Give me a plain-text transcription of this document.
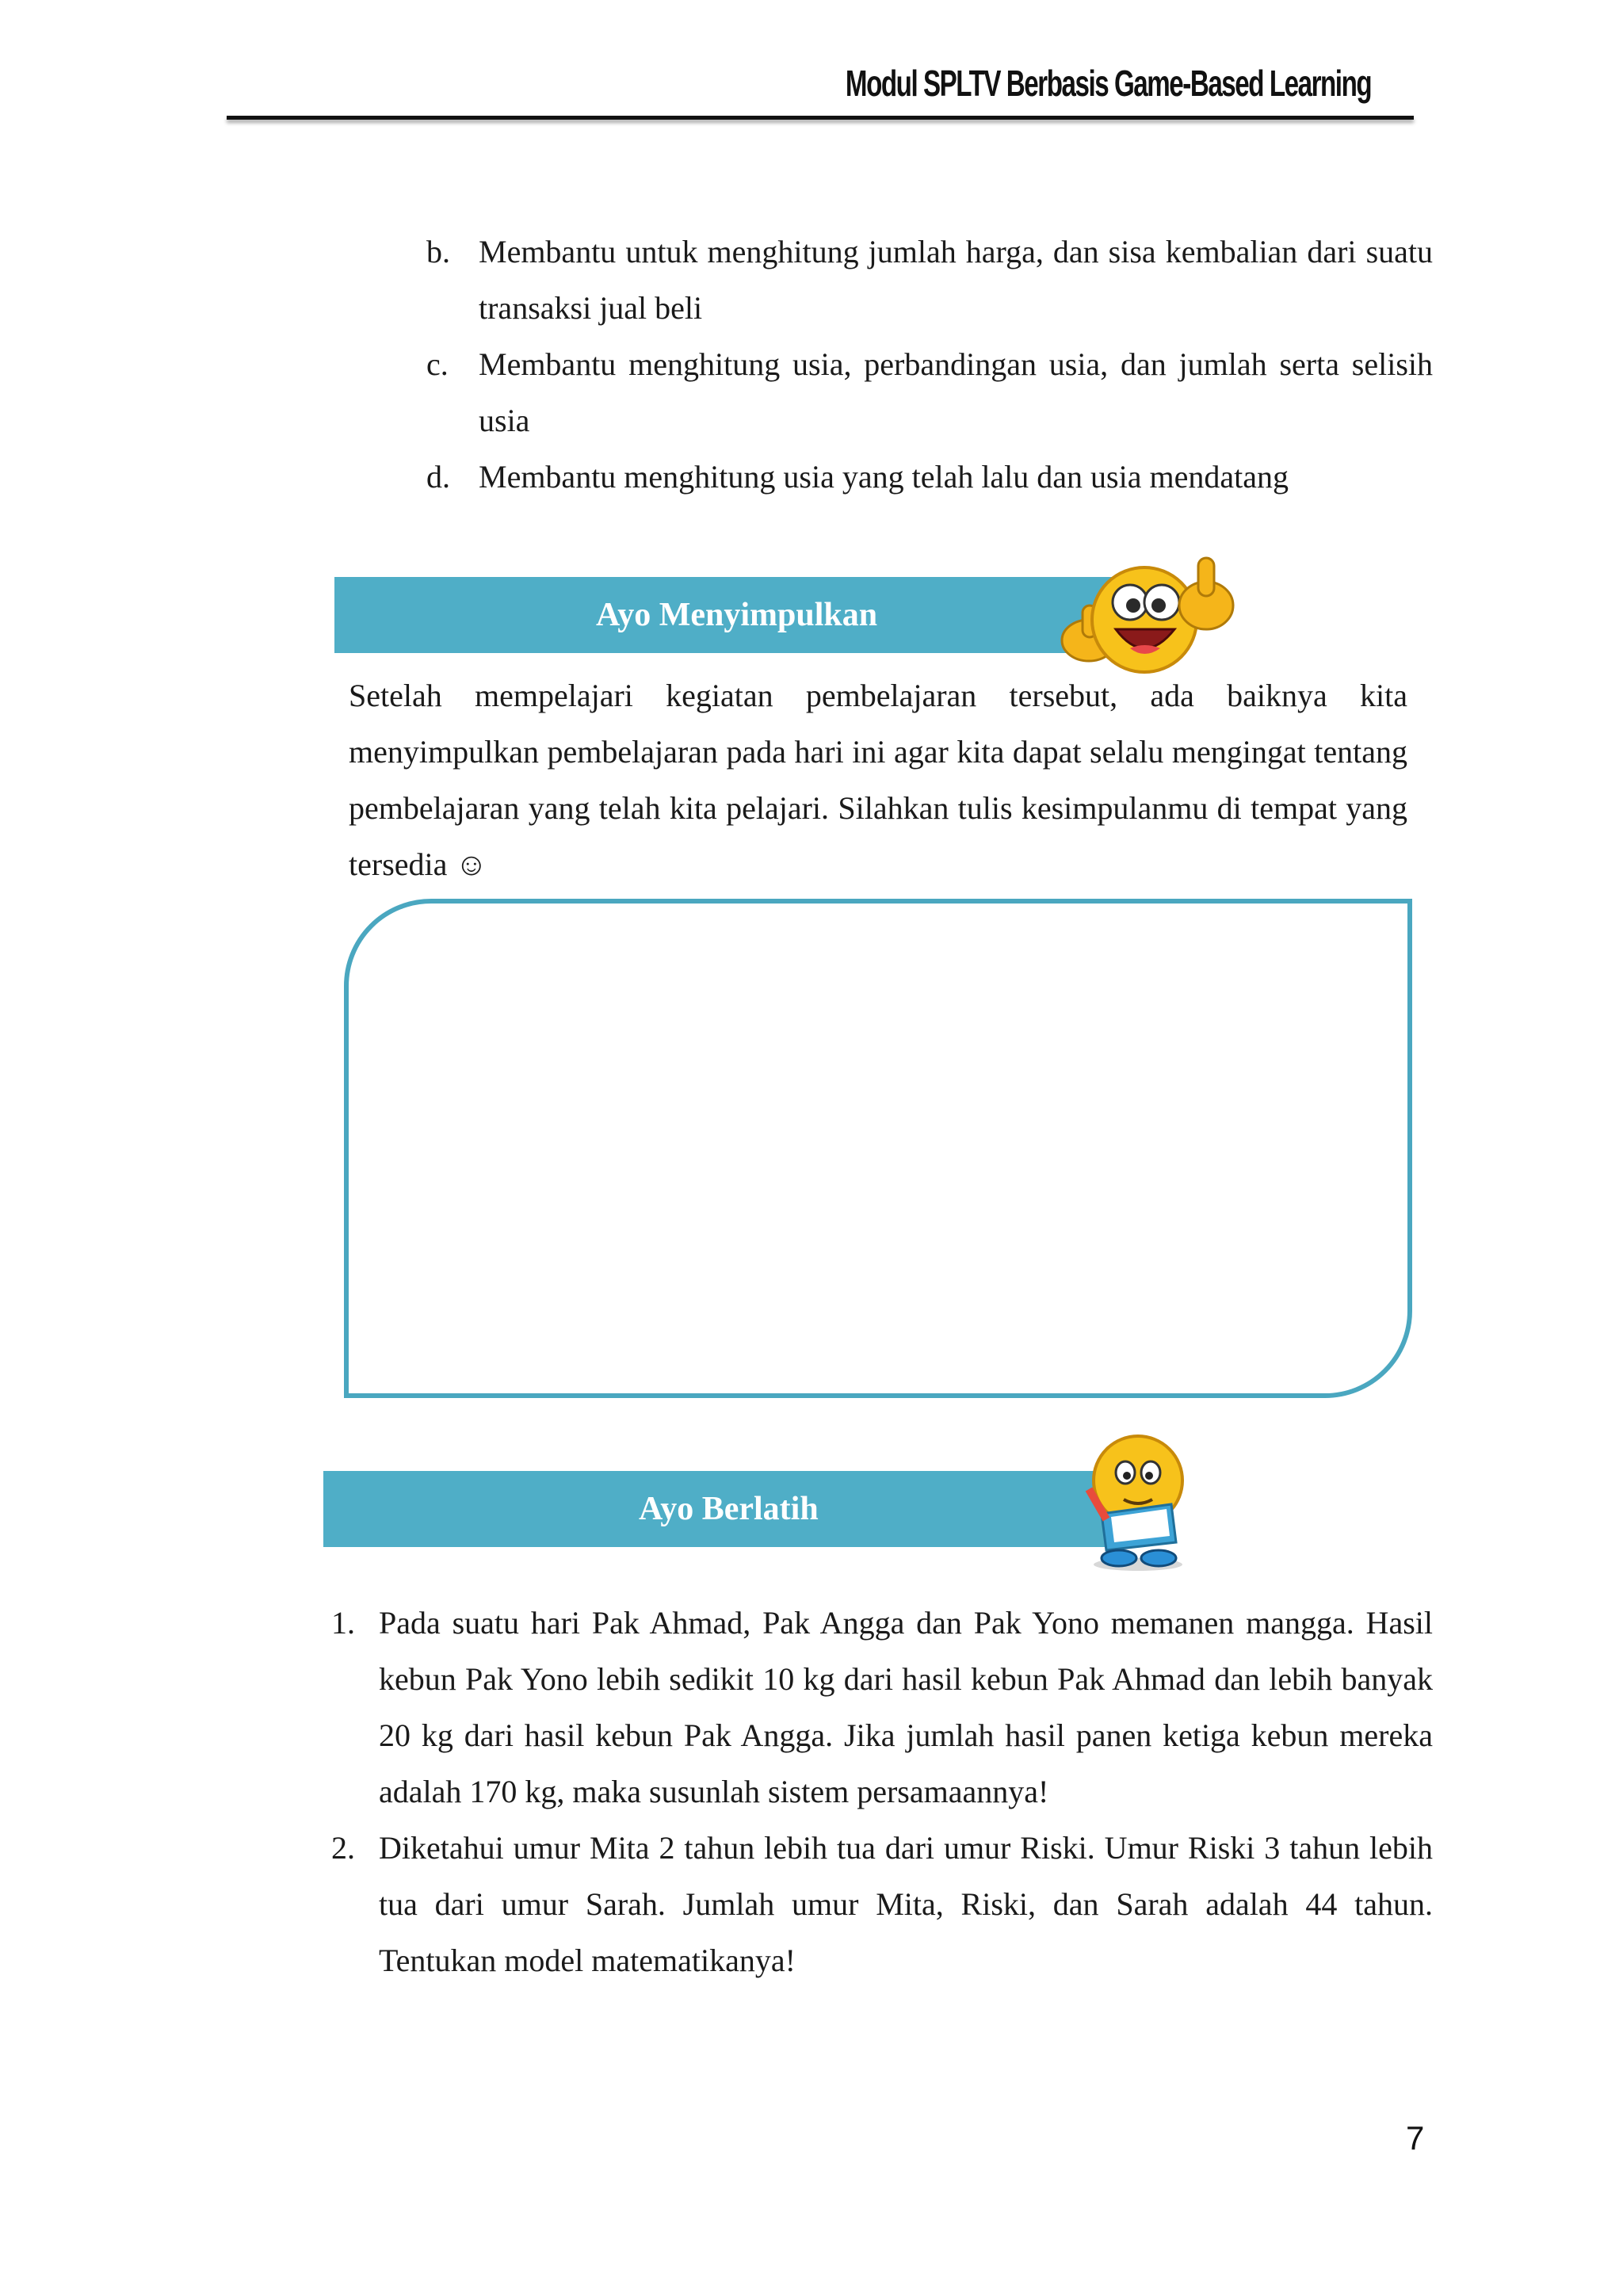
Modul SPLTV Berbasis Game-Based Learning
b. Membantu untuk menghitung jumlah harga, dan sisa kembalian dari suatu transaksi jual beli
c. Membantu menghitung usia, perbandingan usia, dan jumlah serta selisih usia
d. Membantu menghitung usia yang telah lalu dan usia mendatang
Ayo Menyimpulkan

Setelah mempelajari kegiatan pembelajaran tersebut, ada baiknya kita menyimpulkan pembelajaran pada hari ini agar kita dapat selalu mengingat tentang pembelajaran yang telah kita pelajari. Silahkan tulis kesimpulanmu di tempat yang tersedia ☺

Ayo Berlatih
1. Pada suatu hari Pak Ahmad, Pak Angga dan Pak Yono memanen mangga. Hasil kebun Pak Yono lebih sedikit 10 kg dari hasil kebun Pak Ahmad dan lebih banyak 20 kg dari hasil kebun Pak Angga. Jika jumlah hasil panen ketiga kebun mereka adalah 170 kg, maka susunlah sistem persamaannya!
2. Diketahui umur Mita 2 tahun lebih tua dari umur Riski. Umur Riski 3 tahun lebih tua dari umur Sarah. Jumlah umur Mita, Riski, dan Sarah adalah 44 tahun. Tentukan model matematikanya!
7
